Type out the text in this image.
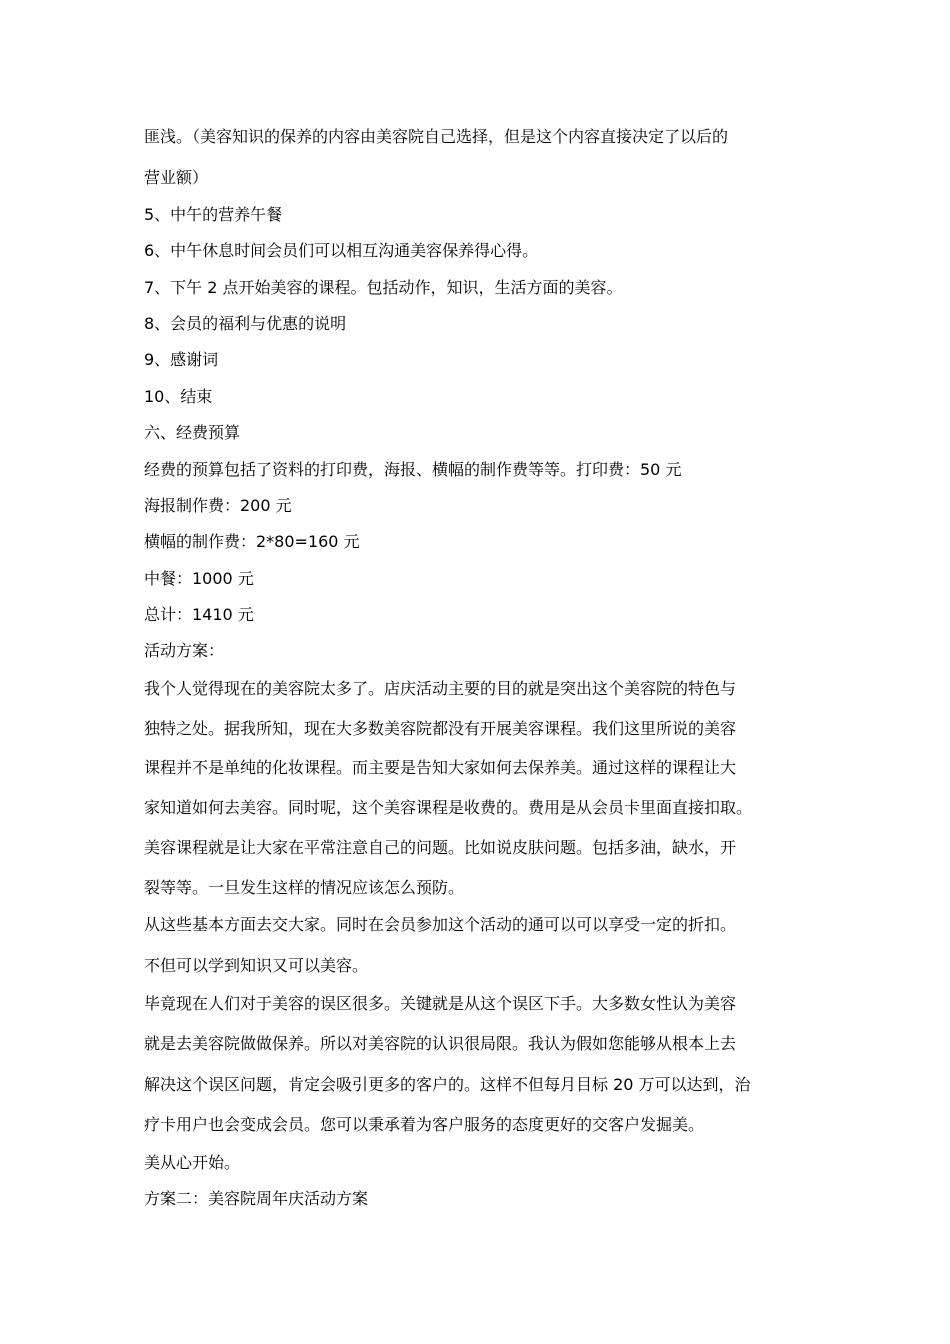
匪浅。（美容知识的保养的内容由美容院自己选择，但是这个内容直接决定了以后的

营业额）

5、中午的营养午餐

6、中午休息时间会员们可以相互沟通美容保养得心得。

7、下午 2 点开始美容的课程。包括动作，知识，生活方面的美容。

8、会员的福利与优惠的说明

9、感谢词

10、结束

六、经费预算

经费的预算包括了资料的打印费，海报、横幅的制作费等等。打印费：50 元

海报制作费：200 元

横幅的制作费：2*80=160 元

中餐：1000 元

总计：1410 元

活动方案：

我个人觉得现在的美容院太多了。店庆活动主要的目的就是突出这个美容院的特色与

独特之处。据我所知，现在大多数美容院都没有开展美容课程。我们这里所说的美容

课程并不是单纯的化妆课程。而主要是告知大家如何去保养美。通过这样的课程让大

家知道如何去美容。同时呢，这个美容课程是收费的。费用是从会员卡里面直接扣取。

美容课程就是让大家在平常注意自己的问题。比如说皮肤问题。包括多油，缺水，开

裂等等。一旦发生这样的情况应该怎么预防。

从这些基本方面去交大家。同时在会员参加这个活动的通可以可以享受一定的折扣。

不但可以学到知识又可以美容。

毕竟现在人们对于美容的误区很多。关键就是从这个误区下手。大多数女性认为美容

就是去美容院做做保养。所以对美容院的认识很局限。我认为假如您能够从根本上去

解决这个误区问题，肯定会吸引更多的客户的。这样不但每月目标 20 万可以达到，治

疗卡用户也会变成会员。您可以秉承着为客户服务的态度更好的交客户发掘美。

美从心开始。

方案二：美容院周年庆活动方案
